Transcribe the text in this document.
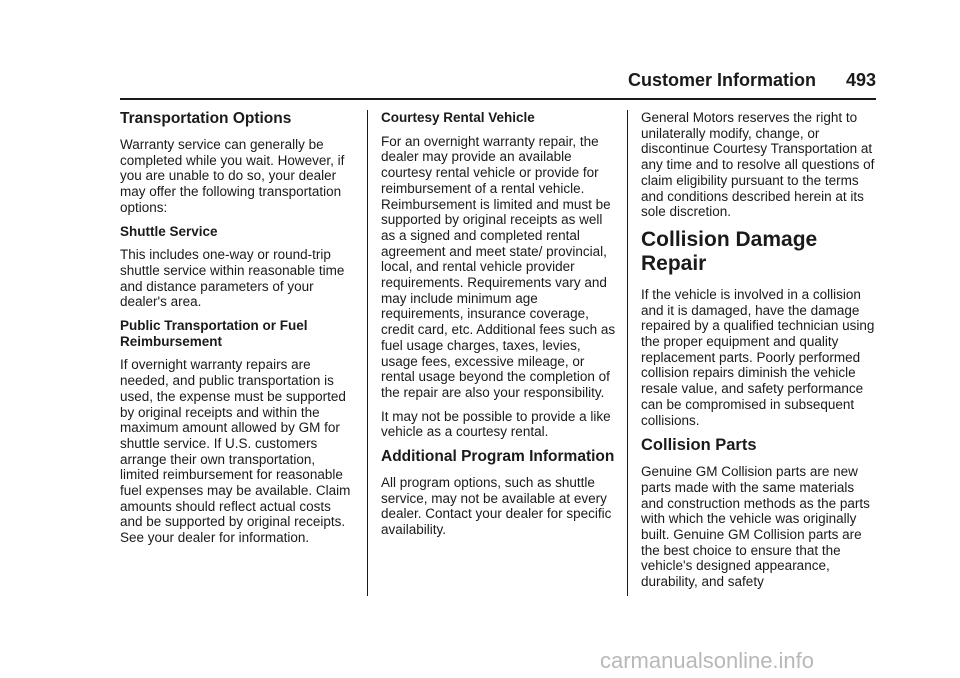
Customer Information 493
Transportation Options

Warranty service can generally be completed while you wait. However, if you are unable to do so, your dealer may offer the following transportation options:

Shuttle Service

This includes one-way or round-trip shuttle service within reasonable time and distance parameters of your dealer's area.

Public Transportation or Fuel Reimbursement

If overnight warranty repairs are needed, and public transportation is used, the expense must be supported by original receipts and within the maximum amount allowed by GM for shuttle service. If U.S. customers arrange their own transportation, limited reimbursement for reasonable fuel expenses may be available. Claim amounts should reflect actual costs and be supported by original receipts. See your dealer for information.

Courtesy Rental Vehicle

For an overnight warranty repair, the dealer may provide an available courtesy rental vehicle or provide for reimbursement of a rental vehicle. Reimbursement is limited and must be supported by original receipts as well as a signed and completed rental agreement and meet state/ provincial, local, and rental vehicle provider requirements. Requirements vary and may include minimum age requirements, insurance coverage, credit card, etc. Additional fees such as fuel usage charges, taxes, levies, usage fees, excessive mileage, or rental usage beyond the completion of the repair are also your responsibility.

It may not be possible to provide a like vehicle as a courtesy rental.

Additional Program Information

All program options, such as shuttle service, may not be available at every dealer. Contact your dealer for specific availability.

General Motors reserves the right to unilaterally modify, change, or discontinue Courtesy Transportation at any time and to resolve all questions of claim eligibility pursuant to the terms and conditions described herein at its sole discretion.

Collision Damage Repair

If the vehicle is involved in a collision and it is damaged, have the damage repaired by a qualified technician using the proper equipment and quality replacement parts. Poorly performed collision repairs diminish the vehicle resale value, and safety performance can be compromised in subsequent collisions.

Collision Parts

Genuine GM Collision parts are new parts made with the same materials and construction methods as the parts with which the vehicle was originally built. Genuine GM Collision parts are the best choice to ensure that the vehicle's designed appearance, durability, and safety

carmanualsonline.info
